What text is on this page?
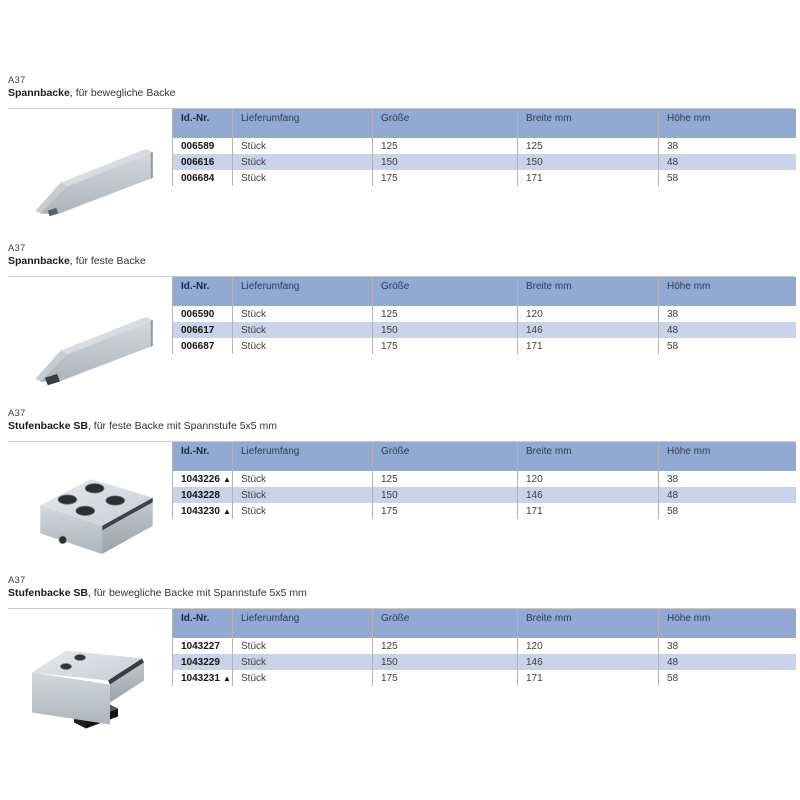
A37
Spannbacke, für bewegliche Backe
Id.-Nr.	Lieferumfang	Größe	Breite mm	Höhe mm
006589	Stück	125	125	38
006616	Stück	150	150	48
006684	Stück	175	171	58
A37
Spannbacke, für feste Backe
Id.-Nr.	Lieferumfang	Größe	Breite mm	Höhe mm
006590	Stück	125	120	38
006617	Stück	150	146	48
006687	Stück	175	171	58
A37
Stufenbacke SB, für feste Backe mit Spannstufe 5x5 mm
Id.-Nr.	Lieferumfang	Größe	Breite mm	Höhe mm
1043226 ▲	Stück	125	120	38
1043228	Stück	150	146	48
1043230 ▲	Stück	175	171	58
A37
Stufenbacke SB, für bewegliche Backe mit Spannstufe 5x5 mm
Id.-Nr.	Lieferumfang	Größe	Breite mm	Höhe mm
1043227	Stück	125	120	38
1043229	Stück	150	146	48
1043231 ▲	Stück	175	171	58
